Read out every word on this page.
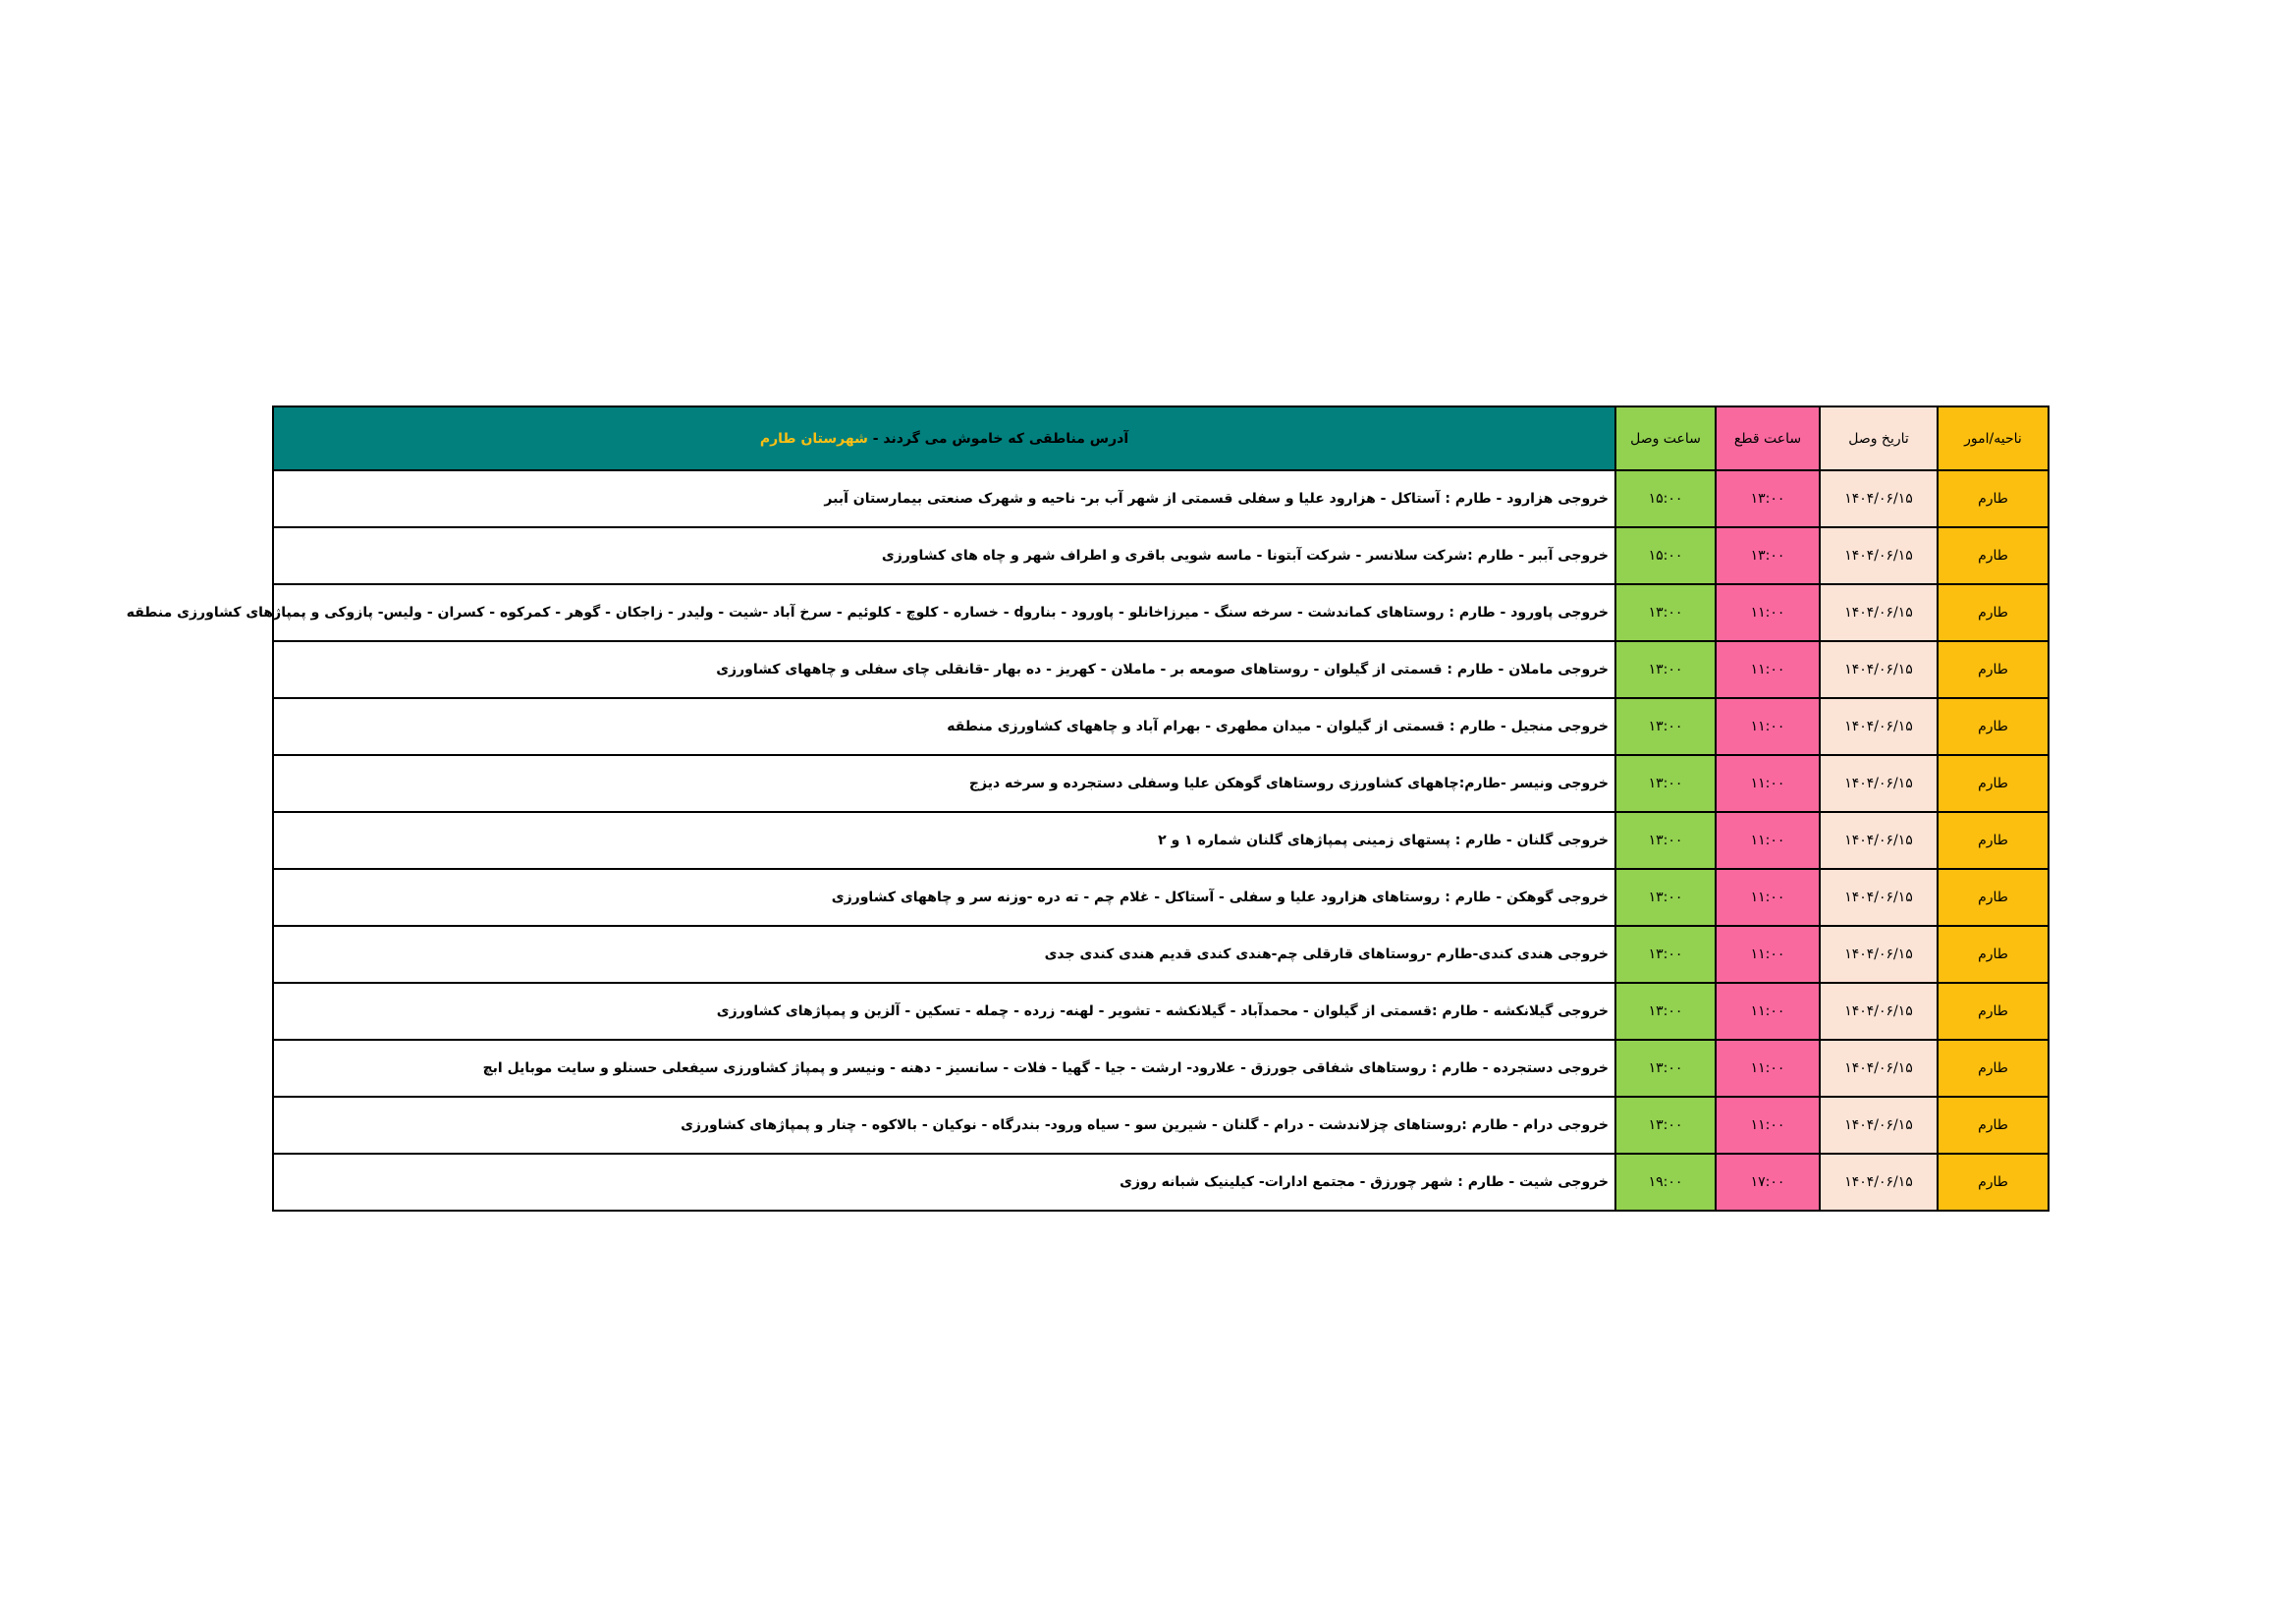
ناحیه/امور	تاریخ وصل	ساعت قطع	ساعت وصل	آدرس مناطقی که خاموش می گردند - شهرستان طارم
طارم	۱۴۰۴/۰۶/۱۵	۱۳:۰۰	۱۵:۰۰	خروجی هزارود - طارم : آستاکل - هزارود علیا و سفلی قسمتی از شهر آب بر- ناحیه و شهرک صنعتی بیمارستان آببر
طارم	۱۴۰۴/۰۶/۱۵	۱۳:۰۰	۱۵:۰۰	خروجی آببر - طارم :شرکت سلانسر - شرکت آبتونا - ماسه شویی باقری و اطراف شهر و چاه های کشاورزی
طارم	۱۴۰۴/۰۶/۱۵	۱۱:۰۰	۱۳:۰۰	خروجی پاورود - طارم : روستاهای کماندشت - سرخه سنگ - میرزاخانلو - پاورود - بناروd - خساره - کلوچ - کلوئیم - سرخ آباد -شیت - ولیدر - زاجکان - گوهر - کمرکوه - کسران - ولیس- پازوکی و پمپاژهای کشاورزی منطقه
طارم	۱۴۰۴/۰۶/۱۵	۱۱:۰۰	۱۳:۰۰	خروجی ماملان - طارم : قسمتی از گیلوان - روستاهای صومعه بر - ماملان - کهریز - ده بهار -قانقلی چای سفلی و چاههای کشاورزی
طارم	۱۴۰۴/۰۶/۱۵	۱۱:۰۰	۱۳:۰۰	خروجی منجیل - طارم : قسمتی از گیلوان - میدان مطهری - بهرام آباد و چاههای کشاورزی منطقه
طارم	۱۴۰۴/۰۶/۱۵	۱۱:۰۰	۱۳:۰۰	خروجی ونیسر -طارم:چاههای کشاورزی روستاهای گوهکن علیا وسفلی دستجرده و سرخه دیزج
طارم	۱۴۰۴/۰۶/۱۵	۱۱:۰۰	۱۳:۰۰	خروجی گلنان - طارم : پستهای زمینی پمپاژهای گلنان شماره ۱ و ۲
طارم	۱۴۰۴/۰۶/۱۵	۱۱:۰۰	۱۳:۰۰	خروجی گوهکن - طارم : روستاهای هزارود علیا و سفلی - آستاکل - غلام چم - ته دره -وزنه سر و چاههای کشاورزی
طارم	۱۴۰۴/۰۶/۱۵	۱۱:۰۰	۱۳:۰۰	خروجی هندی کندی-طارم -روستاهای قارقلی چم-هندی کندی قدیم هندی کندی جدی
طارم	۱۴۰۴/۰۶/۱۵	۱۱:۰۰	۱۳:۰۰	خروجی گیلانکشه - طارم :قسمتی از گیلوان - محمدآباد - گیلانکشه - تشویر - لهنه- زرده - چمله - تسکین - آلزین و پمپاژهای کشاورزی
طارم	۱۴۰۴/۰۶/۱۵	۱۱:۰۰	۱۳:۰۰	خروجی دستجرده - طارم : روستاهای شفاقی جورزق - علارود- ارشت - جیا - گهیا - فلات - سانسیز - دهنه - ونیسر و پمپاژ کشاورزی سیفعلی حسنلو و سایت موبایل ابچ
طارم	۱۴۰۴/۰۶/۱۵	۱۱:۰۰	۱۳:۰۰	خروجی درام - طارم :روستاهای چزلاندشت - درام - گلنان - شیرین سو - سیاه ورود- بندرگاه - نوکیان - بالاکوه - چنار و پمپاژهای کشاورزی
طارم	۱۴۰۴/۰۶/۱۵	۱۷:۰۰	۱۹:۰۰	خروجی شیت - طارم : شهر چورزق - مجتمع ادارات- کیلینیک شبانه روزی
